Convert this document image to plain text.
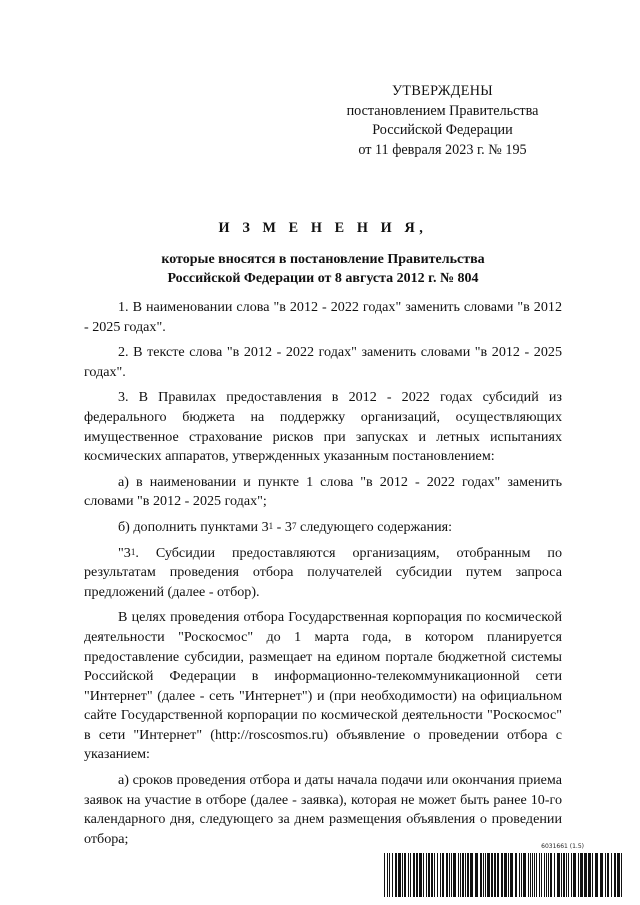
УТВЕРЖДЕНЫ
постановлением Правительства
Российской Федерации
от 11 февраля 2023 г. № 195

И З М Е Н Е Н И Я,

которые вносятся в постановление Правительства

Российской Федерации от 8 августа 2012 г. № 804

1. В наименовании слова "в 2012 - 2022 годах" заменить словами "в 2012 - 2025 годах".

2. В тексте слова "в 2012 - 2022 годах" заменить словами "в 2012 - 2025 годах".

3. В Правилах предоставления в 2012 - 2022 годах субсидий из федерального бюджета на поддержку организаций, осуществляющих имущественное страхование рисков при запусках и летных испытаниях космических аппаратов, утвержденных указанным постановлением:

а) в наименовании и пункте 1 слова "в 2012 - 2022 годах" заменить словами "в 2012 - 2025 годах";

б) дополнить пунктами $3^1 - 3^7$ следующего содержания:

"$3^1$. Субсидии предоставляются организациям, отобранным по результатам проведения отбора получателей субсидии путем запроса предложений (далее - отбор).

В целях проведения отбора Государственная корпорация по космической деятельности "Роскосмос" до 1 марта года, в котором планируется предоставление субсидии, размещает на едином портале бюджетной системы Российской Федерации в информационно-телекоммуникационной сети "Интернет" (далее - сеть "Интернет") и (при необходимости) на официальном сайте Государственной корпорации по космической деятельности "Роскосмос" в сети "Интернет" (http://roscosmos.ru) объявление о проведении отбора с указанием:

а) сроков проведения отбора и даты начала подачи или окончания приема заявок на участие в отборе (далее - заявка), которая не может быть ранее 10-го календарного дня, следующего за днем размещения объявления о проведении отбора;	6031661 (1.5)
